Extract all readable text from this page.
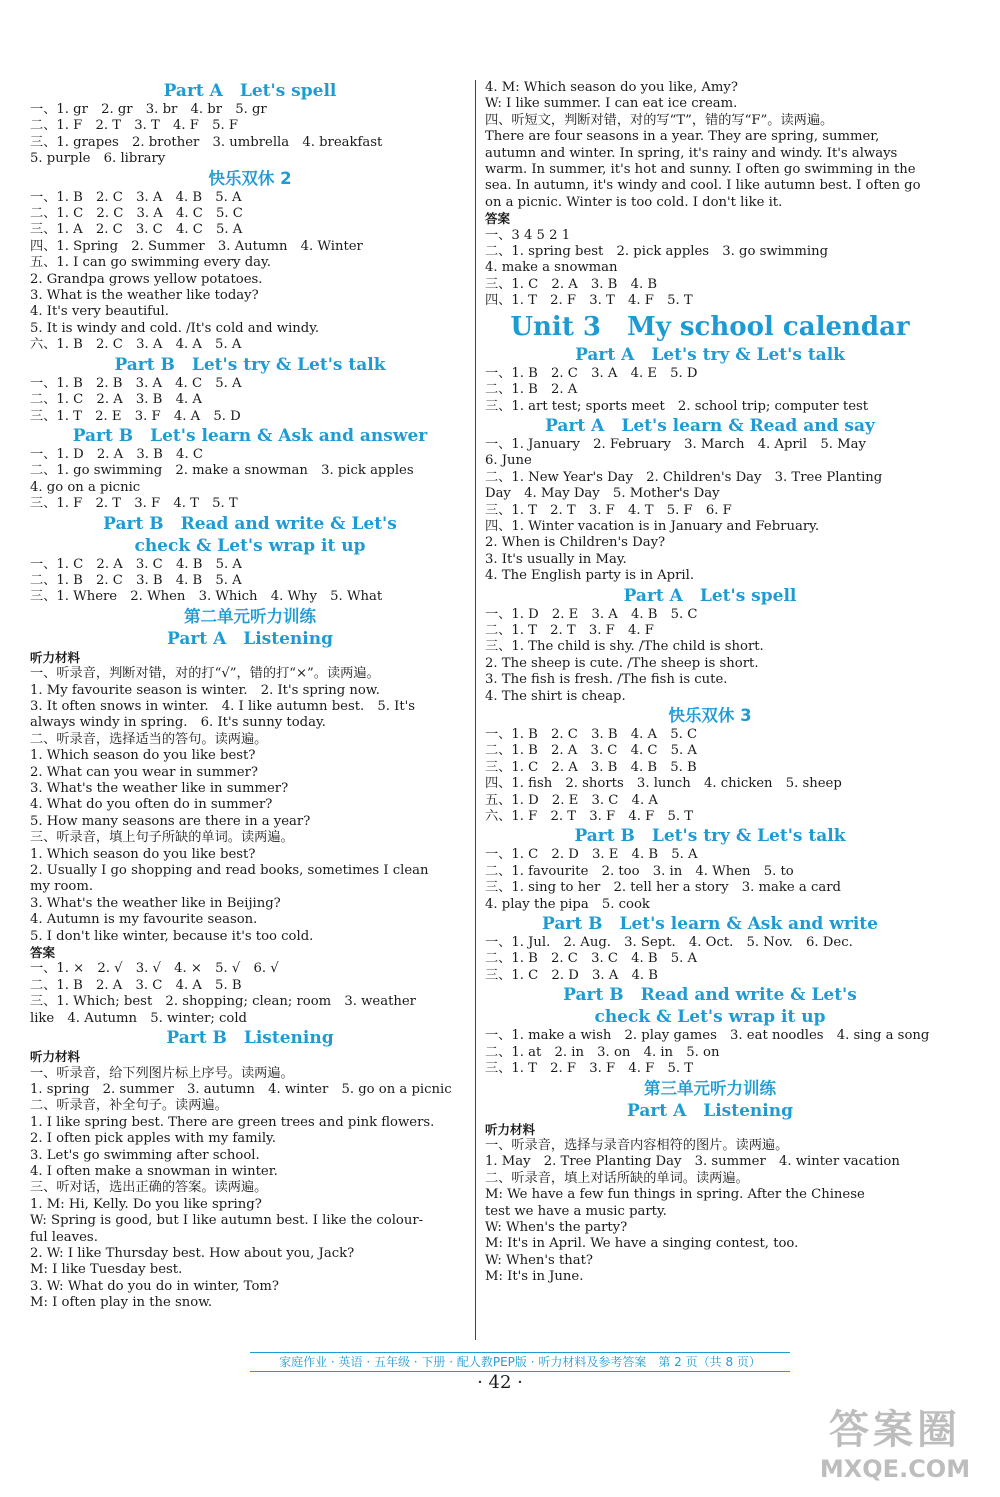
Part A　Let's spell
一、1. gr　2. gr　3. br　4. br　5. gr
二、1. F　2. T　3. T　4. F　5. F
三、1. grapes　2. brother　3. umbrella　4. breakfast
5. purple　6. library
快乐双休 2
一、1. B　2. C　3. A　4. B　5. A
二、1. C　2. C　3. A　4. C　5. C
三、1. A　2. C　3. C　4. C　5. A
四、1. Spring　2. Summer　3. Autumn　4. Winter
五、1. I can go swimming every day.
2. Grandpa grows yellow potatoes.
3. What is the weather like today?
4. It's very beautiful.
5. It is windy and cold. /It's cold and windy.
六、1. B　2. C　3. A　4. A　5. A
Part B　Let's try & Let's talk
一、1. B　2. B　3. A　4. C　5. A
二、1. C　2. A　3. B　4. A
三、1. T　2. E　3. F　4. A　5. D
Part B　Let's learn & Ask and answer
一、1. D　2. A　3. B　4. C
二、1. go swimming　2. make a snowman　3. pick apples
4. go on a picnic
三、1. F　2. T　3. F　4. T　5. T
Part B　Read and write & Let's
check & Let's wrap it up
一、1. C　2. A　3. C　4. B　5. A
二、1. B　2. C　3. B　4. B　5. A
三、1. Where　2. When　3. Which　4. Why　5. What
第二单元听力训练
Part A　Listening
听力材料
一、听录音，判断对错，对的打“√”，错的打“×”。读两遍。
1. My favourite season is winter.　2. It's spring now.
3. It often snows in winter.　4. I like autumn best.　5. It's
always windy in spring.　6. It's sunny today.
二、听录音，选择适当的答句。读两遍。
1. Which season do you like best?
2. What can you wear in summer?
3. What's the weather like in summer?
4. What do you often do in summer?
5. How many seasons are there in a year?
三、听录音，填上句子所缺的单词。读两遍。
1. Which season do you like best?
2. Usually I go shopping and read books, sometimes I clean
my room.
3. What's the weather like in Beijing?
4. Autumn is my favourite season.
5. I don't like winter, because it's too cold.
答案
一、1. ×　2. √　3. √　4. ×　5. √　6. √
二、1. B　2. A　3. C　4. A　5. B
三、1. Which; best　2. shopping; clean; room　3. weather
like　4. Autumn　5. winter; cold
Part B　Listening
听力材料
一、听录音，给下列图片标上序号。读两遍。
1. spring　2. summer　3. autumn　4. winter　5. go on a picnic
二、听录音，补全句子。读两遍。
1. I like spring best. There are green trees and pink flowers.
2. I often pick apples with my family.
3. Let's go swimming after school.
4. I often make a snowman in winter.
三、听对话，选出正确的答案。读两遍。
1. M: Hi, Kelly. Do you like spring?
W: Spring is good, but I like autumn best. I like the colour-
ful leaves.
2. W: I like Thursday best. How about you, Jack?
M: I like Tuesday best.
3. W: What do you do in winter, Tom?
M: I often play in the snow.
4. M: Which season do you like, Amy?
W: I like summer. I can eat ice cream.
四、听短文，判断对错，对的写“T”，错的写“F”。读两遍。
There are four seasons in a year. They are spring, summer,
autumn and winter. In spring, it's rainy and windy. It's always
warm. In summer, it's hot and sunny. I often go swimming in the
sea. In autumn, it's windy and cool. I like autumn best. I often go
on a picnic. Winter is too cold. I don't like it.
答案
一、3 4 5 2 1
二、1. spring best　2. pick apples　3. go swimming
4. make a snowman
三、1. C　2. A　3. B　4. B
四、1. T　2. F　3. T　4. F　5. T
Unit 3　My school calendar
Part A　Let's try & Let's talk
一、1. B　2. C　3. A　4. E　5. D
二、1. B　2. A
三、1. art test; sports meet　2. school trip; computer test
Part A　Let's learn & Read and say
一、1. January　2. February　3. March　4. April　5. May
6. June
二、1. New Year's Day　2. Children's Day　3. Tree Planting
Day　4. May Day　5. Mother's Day
三、1. T　2. T　3. F　4. T　5. F　6. F
四、1. Winter vacation is in January and February.
2. When is Children's Day?
3. It's usually in May.
4. The English party is in April.
Part A　Let's spell
一、1. D　2. E　3. A　4. B　5. C
二、1. T　2. T　3. F　4. F
三、1. The child is shy. /The child is short.
2. The sheep is cute. /The sheep is short.
3. The fish is fresh. /The fish is cute.
4. The shirt is cheap.
快乐双休 3
一、1. B　2. C　3. B　4. A　5. C
二、1. B　2. A　3. C　4. C　5. A
三、1. C　2. A　3. B　4. B　5. B
四、1. fish　2. shorts　3. lunch　4. chicken　5. sheep
五、1. D　2. E　3. C　4. A
六、1. F　2. T　3. F　4. F　5. T
Part B　Let's try & Let's talk
一、1. C　2. D　3. E　4. B　5. A
二、1. favourite　2. too　3. in　4. When　5. to
三、1. sing to her　2. tell her a story　3. make a card
4. play the pipa　5. cook
Part B　Let's learn & Ask and write
一、1. Jul.　2. Aug.　3. Sept.　4. Oct.　5. Nov.　6. Dec.
二、1. B　2. C　3. C　4. B　5. A
三、1. C　2. D　3. A　4. B
Part B　Read and write & Let's
check & Let's wrap it up
一、1. make a wish　2. play games　3. eat noodles　4. sing a song
二、1. at　2. in　3. on　4. in　5. on
三、1. T　2. F　3. F　4. F　5. T
第三单元听力训练
Part A　Listening
听力材料
一、听录音，选择与录音内容相符的图片。读两遍。
1. May　2. Tree Planting Day　3. summer　4. winter vacation
二、听录音，填上对话所缺的单词。读两遍。
M: We have a few fun things in spring. After the Chinese
test we have a music party.
W: When's the party?
M: It's in April. We have a singing contest, too.
W: When's that?
M: It's in June.
家庭作业 · 英语 · 五年级 · 下册 · 配人教PEP版 · 听力材料及参考答案　第 2 页（共 8 页）
· 42 ·
答案圈
MXQE.COM
